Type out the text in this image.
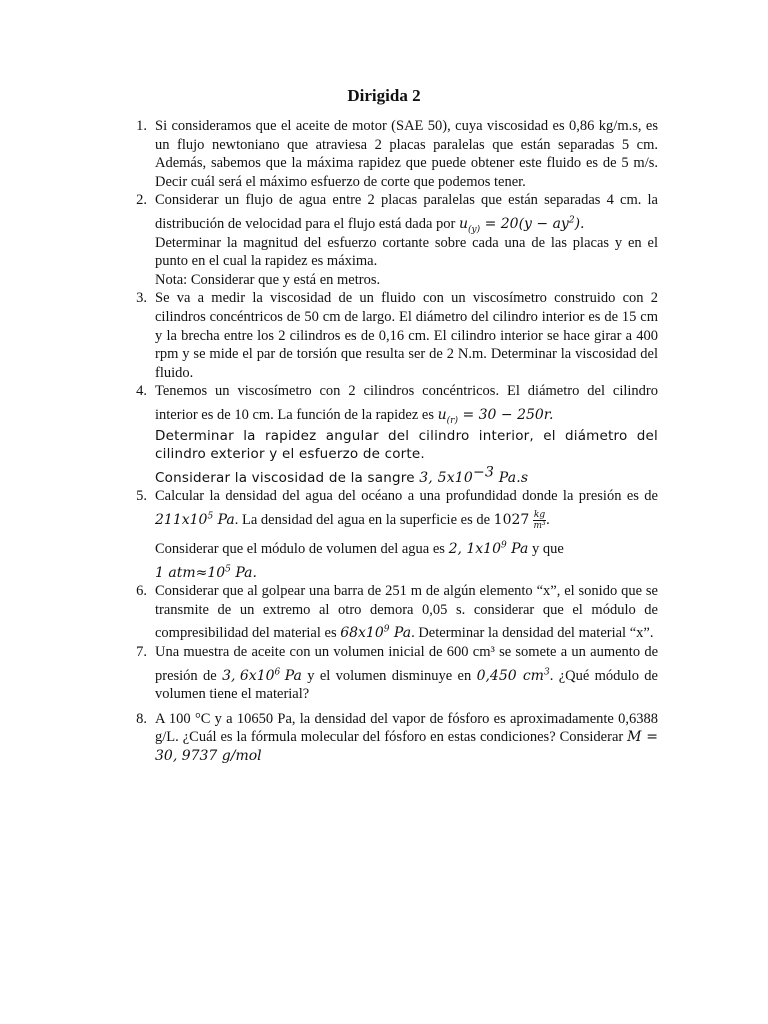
Dirigida 2
1. Si consideramos que el aceite de motor (SAE 50), cuya viscosidad es 0,86 kg/m.s, es un flujo newtoniano que atraviesa 2 placas paralelas que están separadas 5 cm. Además, sabemos que la máxima rapidez que puede obtener este fluido es de 5 m/s. Decir cuál será el máximo esfuerzo de corte que podemos tener.
2. Considerar un flujo de agua entre 2 placas paralelas que están separadas 4 cm. la distribución de velocidad para el flujo está dada por $u_{(y)} = 20(y - ay^2)$.
Determinar la magnitud del esfuerzo cortante sobre cada una de las placas y en el punto en el cual la rapidez es máxima.
Nota: Considerar que y está en metros.
3. Se va a medir la viscosidad de un fluido con un viscosímetro construido con 2 cilindros concéntricos de 50 cm de largo. El diámetro del cilindro interior es de 15 cm y la brecha entre los 2 cilindros es de 0,16 cm. El cilindro interior se hace girar a 400 rpm y se mide el par de torsión que resulta ser de 2 N.m. Determinar la viscosidad del fluido.
4. Tenemos un viscosímetro con 2 cilindros concéntricos. El diámetro del cilindro interior es de 10 cm. La función de la rapidez es $u_{(r)} = 30 - 250r$.
Determinar la rapidez angular del cilindro interior, el diámetro del cilindro exterior y el esfuerzo de corte.
Considerar la viscosidad de la sangre 3, $5x10^{-3}$ Pa.s
5. Calcular la densidad del agua del océano a una profundidad donde la presión es de $211x10^5$ Pa. La densidad del agua en la superficie es de $1027 \frac{kg}{\text{m³}}$ .
Considerar que el módulo de volumen del agua es 2, $1x10^9$ Pa y que
1 $atm\approx 10^5$ Pa.
6. Considerar que al golpear una barra de 251 m de algún elemento “x”, el sonido que se transmite de un extremo al otro demora 0,05 s. considerar que el módulo de compresibilidad del material es $68x10^9$ Pa. Determinar la densidad del material “x”.
7. Una muestra de aceite con un volumen inicial de 600 cm³ se somete a un aumento de presión de 3, $6x10^6$ Pa y el volumen disminuye en 0,450 $cm^3$. ¿Qué módulo de volumen tiene el material?
8. A 100 °C y a 10650 Pa, la densidad del vapor de fósforo es aproximadamente 0,6388 g/L. ¿Cuál es la fórmula molecular del fósforo en estas condiciones? Considerar M = 30, 9737 g/mol
